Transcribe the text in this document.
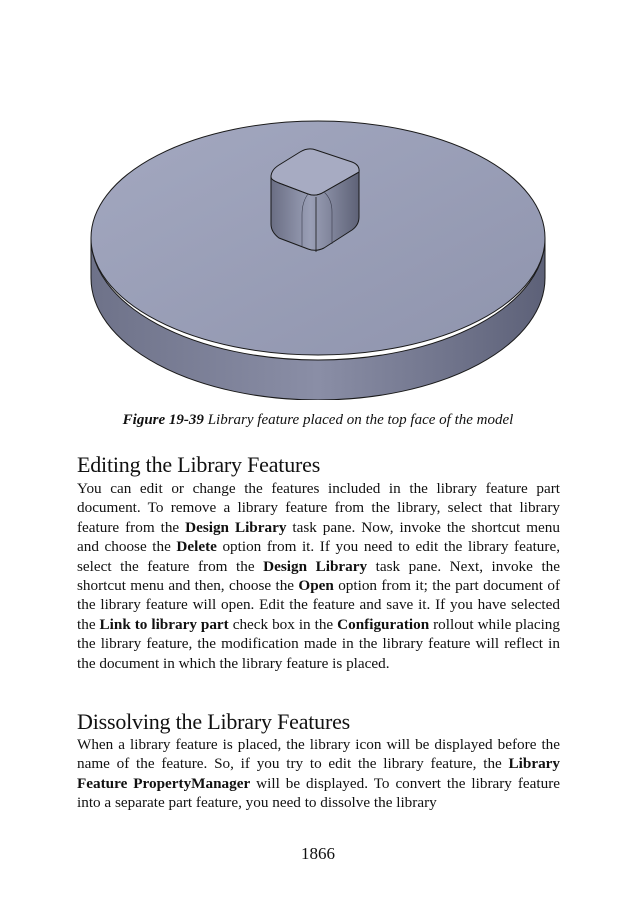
Figure 19-39 Library feature placed on the top face of the model
Editing the Library Features

You can edit or change the features included in the library feature part document. To remove a library feature from the library, select that library feature from the Design Library task pane. Now, invoke the shortcut menu and choose the Delete option from it. If you need to edit the library feature, select the feature from the Design Library task pane. Next, invoke the shortcut menu and then, choose the Open option from it; the part document of the library feature will open. Edit the feature and save it. If you have selected the Link to library part check box in the Configuration rollout while placing the library feature, the modification made in the library feature will reflect in the document in which the library feature is placed.

Dissolving the Library Features

When a library feature is placed, the library icon will be displayed before the name of the feature. So, if you try to edit the library feature, the Library Feature PropertyManager will be displayed. To convert the library feature into a separate part feature, you need to dissolve the library

1866
